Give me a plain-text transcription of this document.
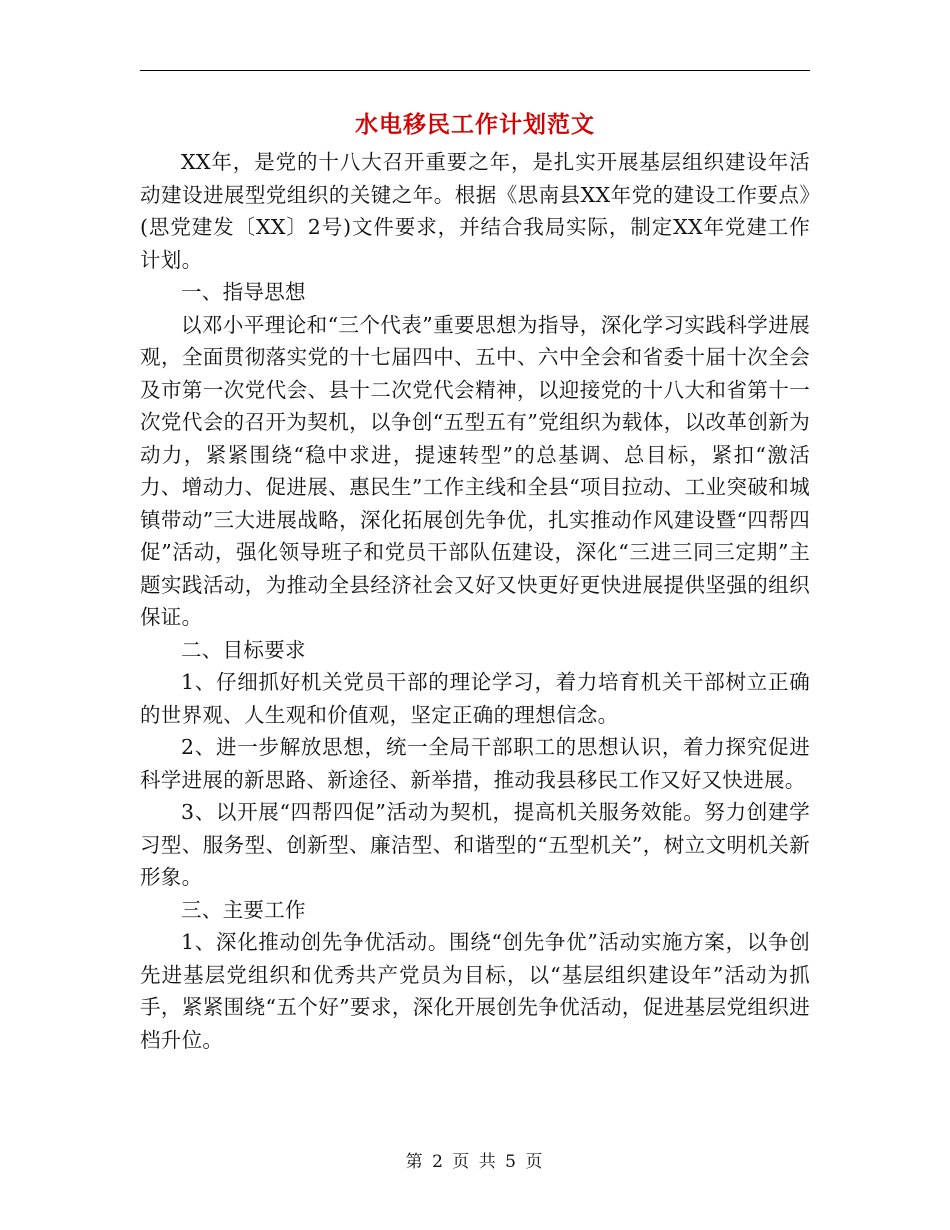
水电移民工作计划范文

XX年，是党的十八大召开重要之年，是扎实开展基层组织建设年活动建设进展型党组织的关键之年。根据《思南县XX年党的建设工作要点》(思党建发〔XX〕2号)文件要求，并结合我局实际，制定XX年党建工作计划。

一、指导思想

以邓小平理论和“三个代表”重要思想为指导，深化学习实践科学进展观，全面贯彻落实党的十七届四中、五中、六中全会和省委十届十次全会及市第一次党代会、县十二次党代会精神，以迎接党的十八大和省第十一次党代会的召开为契机，以争创“五型五有”党组织为载体，以改革创新为动力，紧紧围绕“稳中求进，提速转型”的总基调、总目标，紧扣“激活力、增动力、促进展、惠民生”工作主线和全县“项目拉动、工业突破和城镇带动”三大进展战略，深化拓展创先争优，扎实推动作风建设暨“四帮四促”活动，强化领导班子和党员干部队伍建设，深化“三进三同三定期”主题实践活动，为推动全县经济社会又好又快更好更快进展提供坚强的组织保证。

二、目标要求

1、仔细抓好机关党员干部的理论学习，着力培育机关干部树立正确的世界观、人生观和价值观，坚定正确的理想信念。

2、进一步解放思想，统一全局干部职工的思想认识，着力探究促进科学进展的新思路、新途径、新举措，推动我县移民工作又好又快进展。

3、以开展“四帮四促”活动为契机，提高机关服务效能。努力创建学习型、服务型、创新型、廉洁型、和谐型的“五型机关”，树立文明机关新形象。

三、主要工作

1、深化推动创先争优活动。围绕“创先争优”活动实施方案，以争创先进基层党组织和优秀共产党员为目标，以“基层组织建设年”活动为抓手，紧紧围绕“五个好”要求，深化开展创先争优活动，促进基层党组织进档升位。

第 2 页 共 5 页
